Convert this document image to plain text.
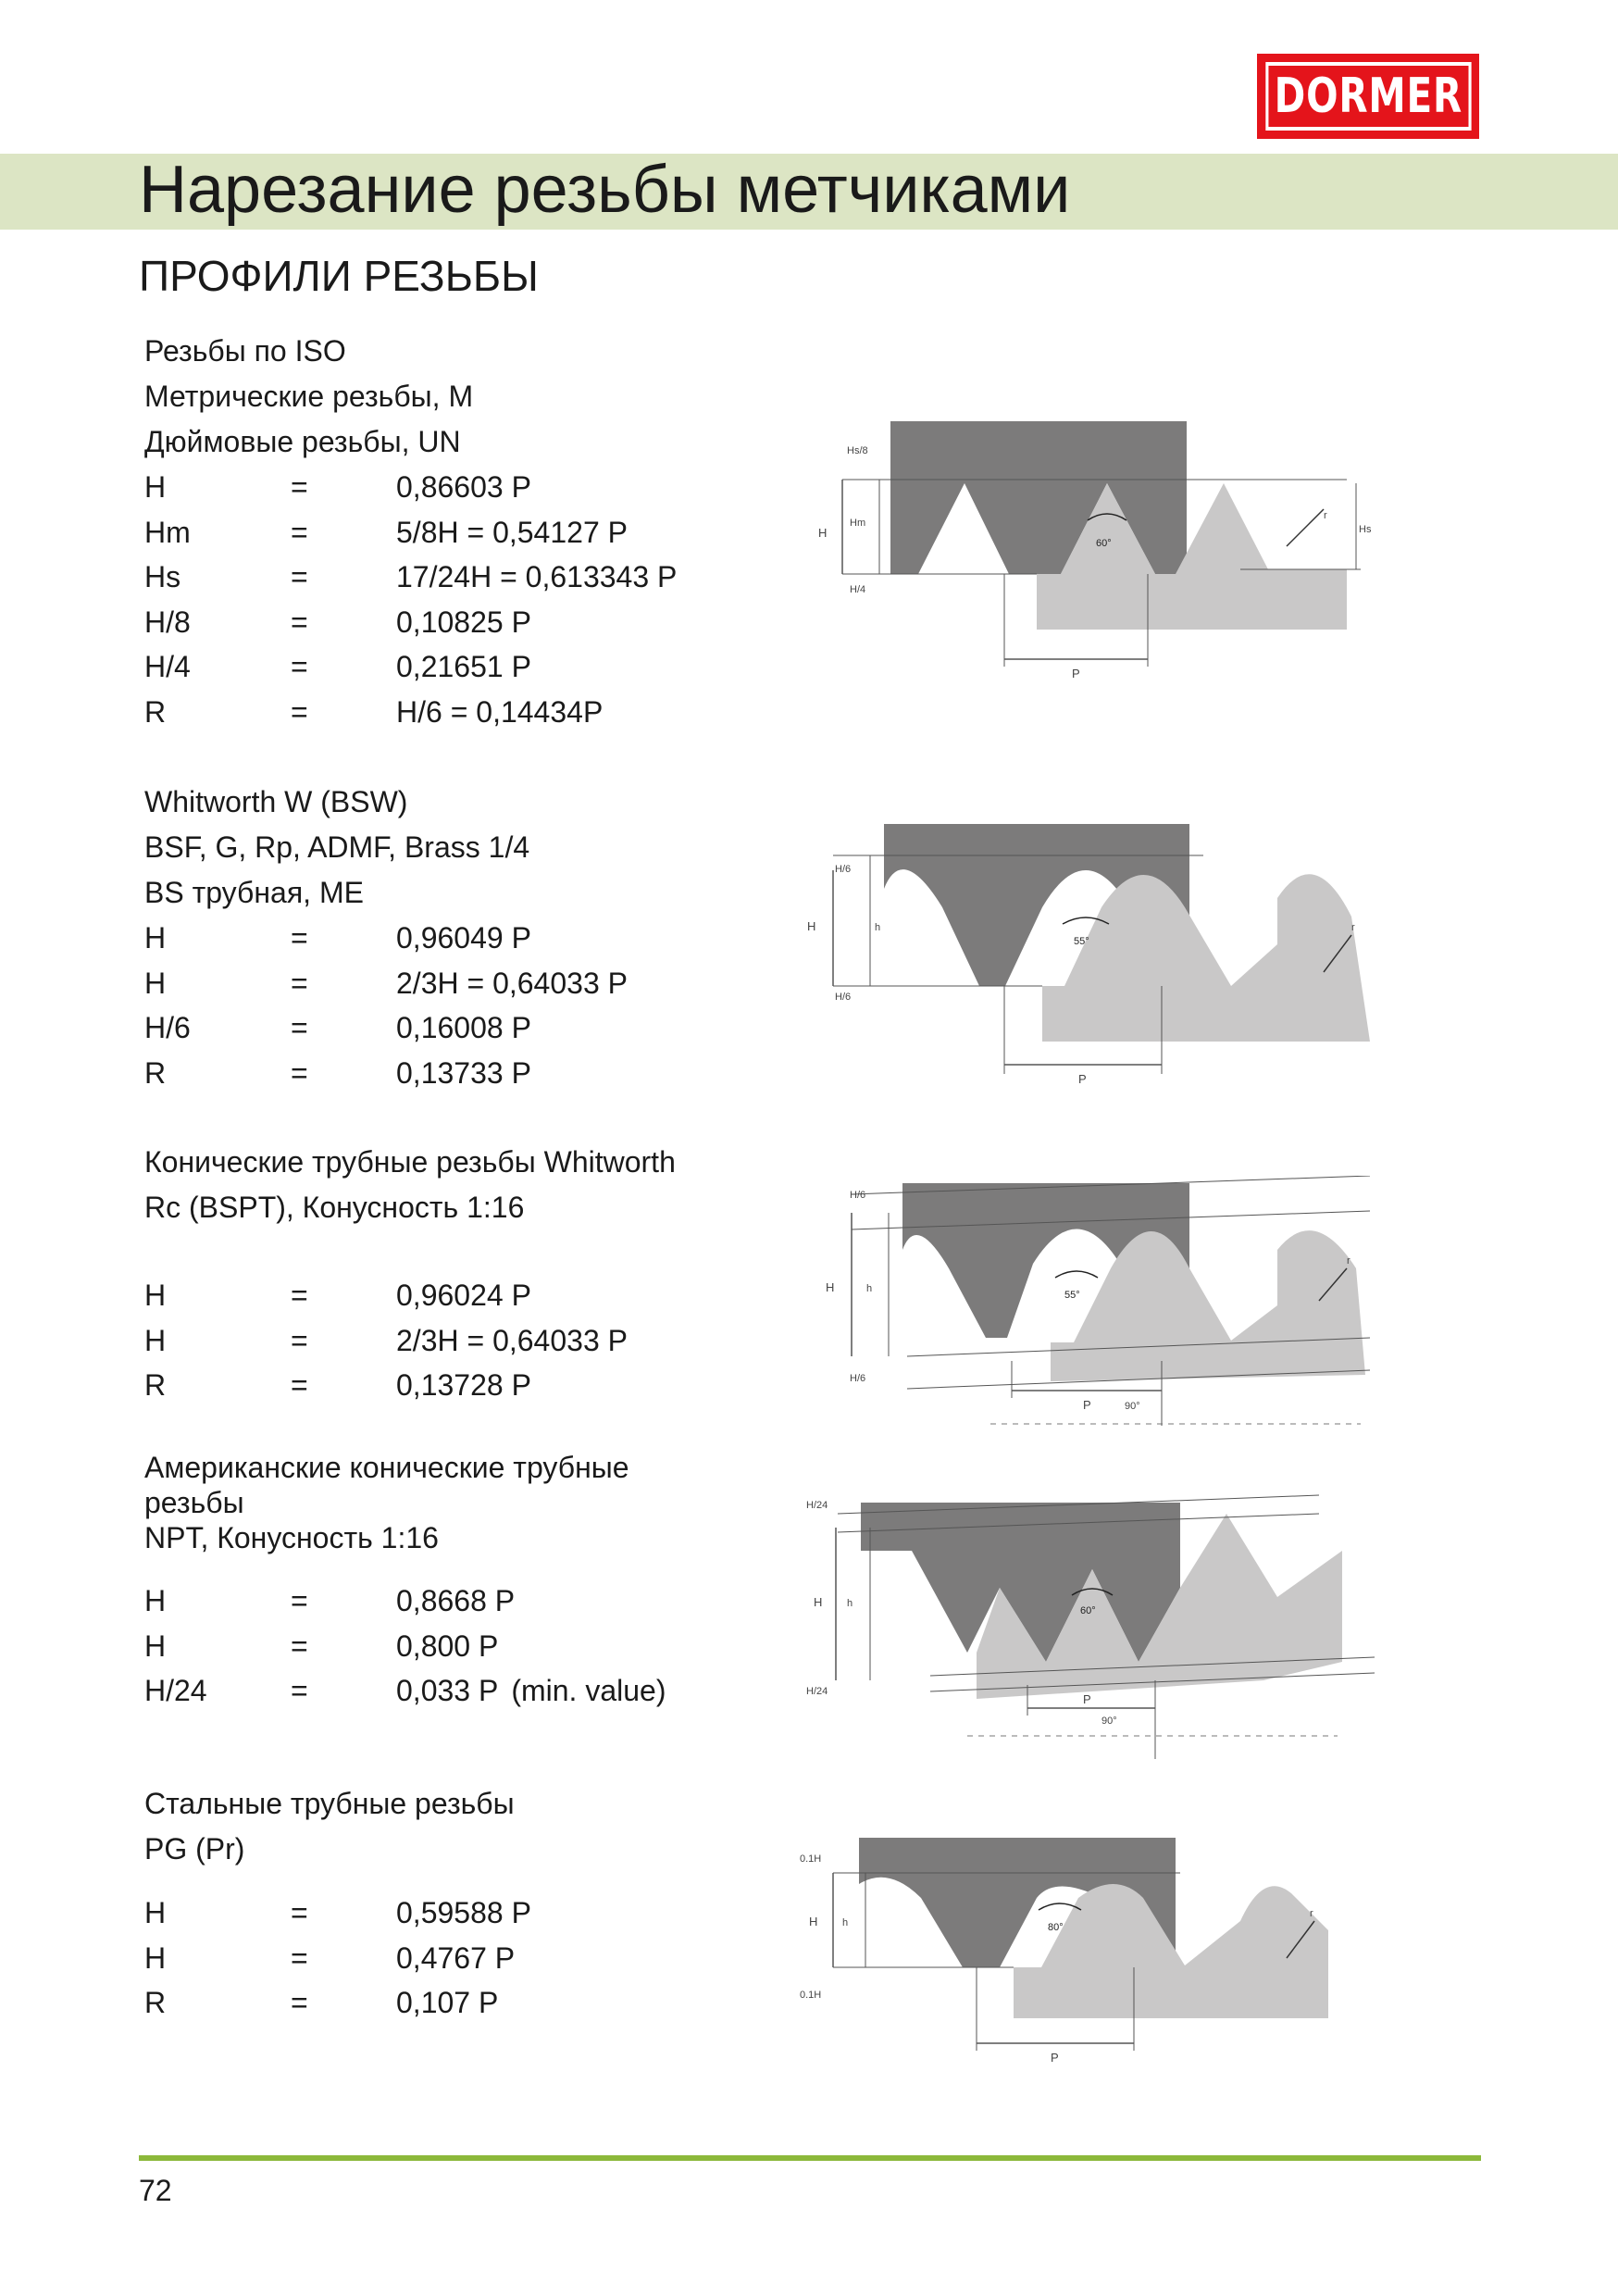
DORMER
Нарезание резьбы метчиками
ПРОФИЛИ РЕЗЬБЫ
Резьбы по ISO
Метрические резьбы, M
Дюймовые резьбы, UN
H	=	0,86603 P
Hm	=	5/8H = 0,54127 P
Hs	=	17/24H = 0,613343 P
H/8	=	0,10825 P
H/4	=	0,21651 P
R	=	H/6 = 0,14434P
Whitworth W (BSW)
BSF, G, Rp, ADMF, Brass 1/4
BS трубная, ME
H	=	0,96049 P
H	=	2/3H = 0,64033 P
H/6	=	0,16008 P
R	=	0,13733 P
Конические трубные резьбы Whitworth
Rc (BSPT), Конусность 1:16
H	=	0,96024 P
H	=	2/3H = 0,64033 P
R	=	0,13728 P
Американские конические трубные
резьбы
NPT, Конусность 1:16
H	=	0,8668 P
H	=	0,800 P
H/24	=	0,033 P (min. value)
Стальные трубные резьбы
PG (Pr)
H	=	0,59588 P
H	=	0,4767 P
R	=	0,107 P
Hs/8
H
Hm
H/4
Hs
60°
P
r
H/6
H	h
H/6
55°
P
r
H/6
H	h
H/6
55°
P	90°
r
H/24
H h
H/24
60°
P
90°
0.1H
H h
0.1H
80°
P
r
72
